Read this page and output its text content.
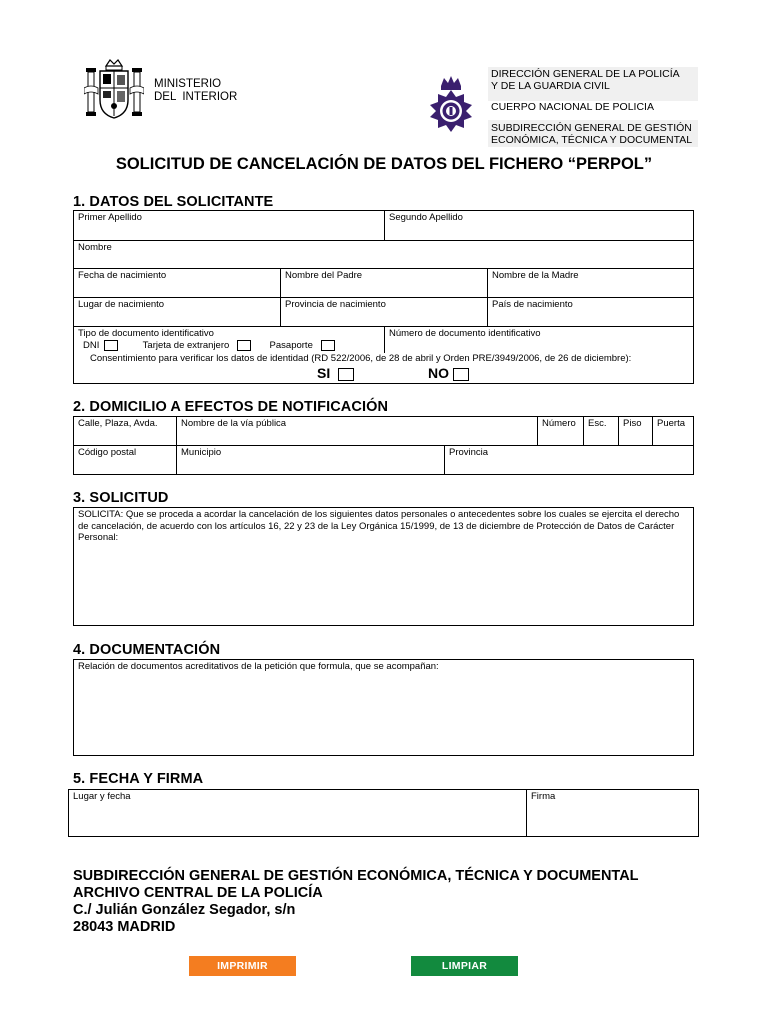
MINISTERIO
DEL  INTERIOR
DIRECCIÓN GENERAL DE LA POLICÍA
Y DE LA GUARDIA CIVIL
CUERPO NACIONAL DE POLICIA
SUBDIRECCIÓN GENERAL DE GESTIÓN
ECONÓMICA, TÉCNICA Y DOCUMENTAL
SOLICITUD DE CANCELACIÓN DE DATOS DEL FICHERO “PERPOL”
1. DATOS DEL SOLICITANTE
Primer Apellido	Segundo Apellido
Nombre
Fecha de nacimiento	Nombre del Padre	Nombre de la Madre
Lugar de nacimiento	Provincia de nacimiento	País de nacimiento
Tipo de documento identificativo
DNI	Tarjeta de extranjero	Pasaporte
Número de documento identificativo
Consentimiento para verificar los datos de identidad (RD 522/2006, de 28 de abril y Orden PRE/3949/2006, de 26 de diciembre):
SI	NO
2. DOMICILIO A EFECTOS DE NOTIFICACIÓN
Calle, Plaza, Avda.	Nombre de la vía pública	Número	Esc.	Piso	Puerta
Código postal	Municipio	Provincia
3. SOLICITUD
SOLICITA: Que se proceda a acordar la cancelación de los siguientes datos personales o antecedentes sobre los cuales se ejercita el derecho de cancelación, de acuerdo con los artículos 16, 22 y 23 de la Ley Orgánica 15/1999, de 13 de diciembre de Protección de Datos de Carácter Personal:
4. DOCUMENTACIÓN
Relación de documentos acreditativos de la petición que formula, que se acompañan:
5. FECHA Y FIRMA
Lugar y fecha	Firma
SUBDIRECCIÓN GENERAL DE GESTIÓN ECONÓMICA, TÉCNICA Y DOCUMENTAL
ARCHIVO CENTRAL DE LA POLICÍA
C./ Julián González Segador, s/n
28043 MADRID
IMPRIMIR	LIMPIAR
